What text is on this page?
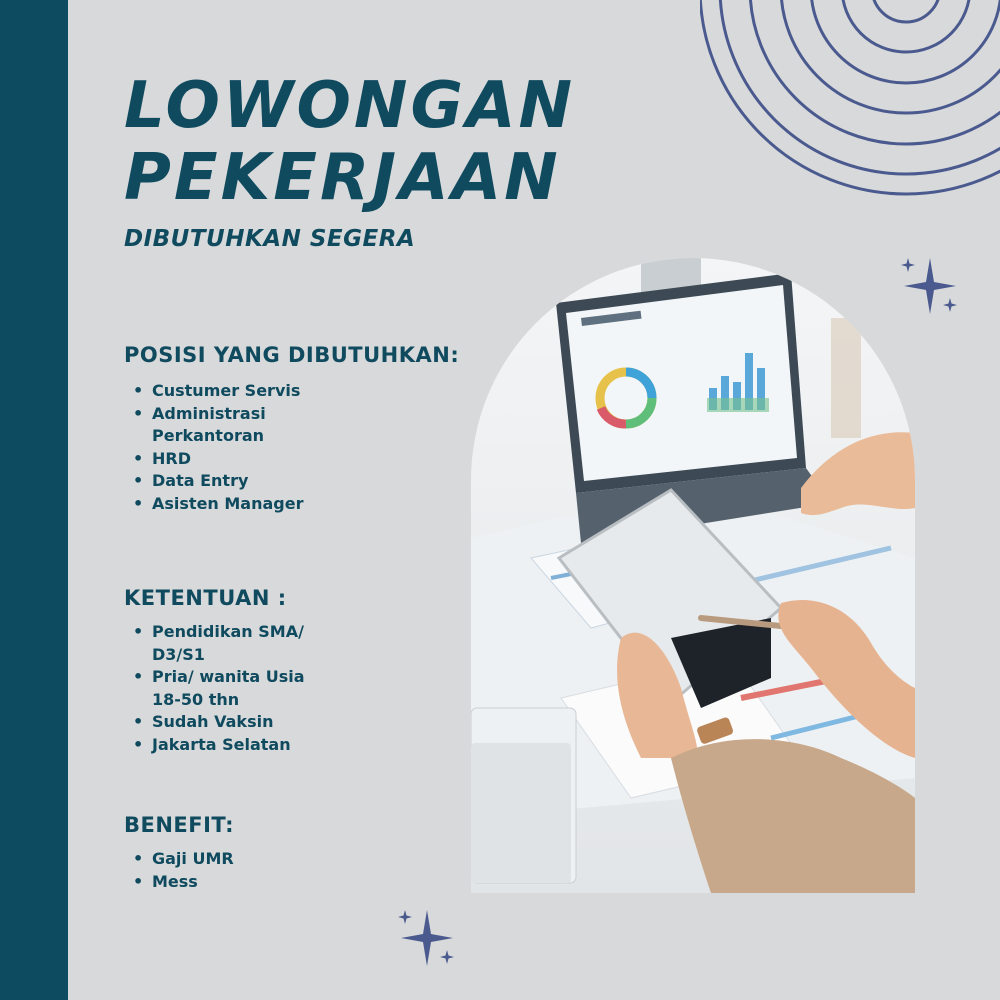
LOWONGAN
PEKERJAAN
DIBUTUHKAN SEGERA
POSISI YANG DIBUTUHKAN:
• Custumer Servis
• Administrasi
Perkantoran
• HRD
• Data Entry
• Asisten Manager
KETENTUAN :
• Pendidikan SMA/
D3/S1
• Pria/ wanita Usia
18-50 thn
• Sudah Vaksin
• Jakarta Selatan
BENEFIT:
• Gaji UMR
• Mess
